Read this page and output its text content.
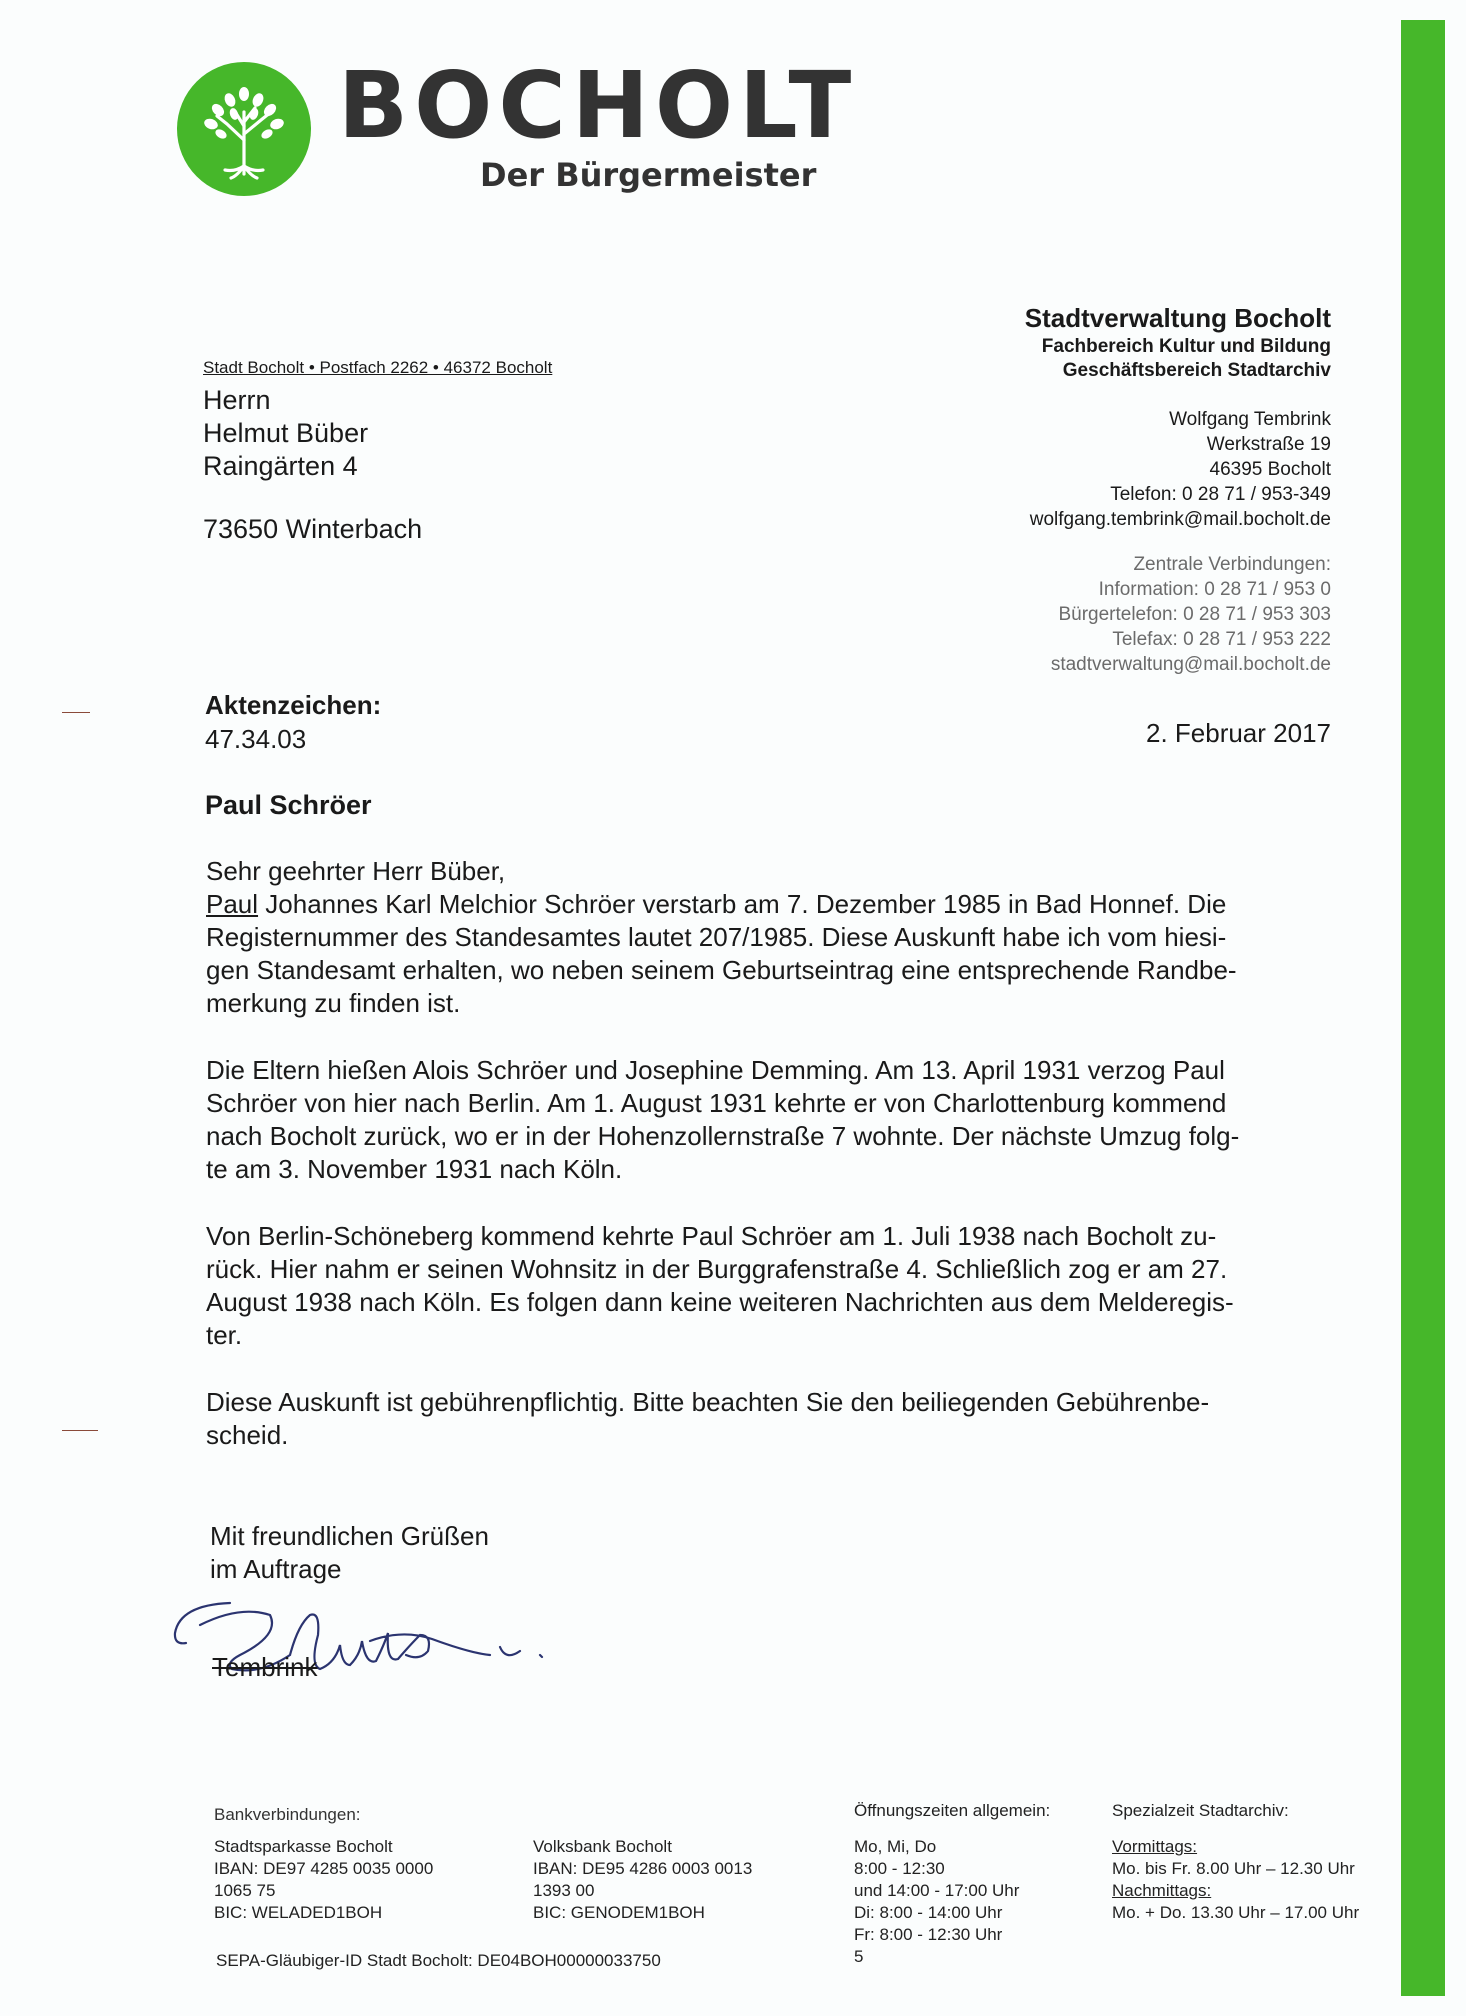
BOCHOLT
Der Bürgermeister
Stadt Bocholt • Postfach 2262 • 46372 Bocholt
Herrn
Helmut Büber
Raingärten 4
73650 Winterbach
Stadtverwaltung Bocholt
Fachbereich Kultur und Bildung
Geschäftsbereich Stadtarchiv
Wolfgang Tembrink
Werkstraße 19
46395 Bocholt
Telefon: 0 28 71 / 953-349
wolfgang.tembrink@mail.bocholt.de
Zentrale Verbindungen:
Information: 0 28 71 / 953 0
Bürgertelefon: 0 28 71 / 953 303
Telefax: 0 28 71 / 953 222
stadtverwaltung@mail.bocholt.de
Aktenzeichen:
47.34.03	2. Februar 2017
Paul Schröer

Sehr geehrter Herr Büber,

Paul Johannes Karl Melchior Schröer verstarb am 7. Dezember 1985 in Bad Honnef. Die
Registernummer des Standesamtes lautet 207/1985. Diese Auskunft habe ich vom hiesi-
gen Standesamt erhalten, wo neben seinem Geburtseintrag eine entsprechende Randbe-
merkung zu finden ist.
Die Eltern hießen Alois Schröer und Josephine Demming. Am 13. April 1931 verzog Paul
Schröer von hier nach Berlin. Am 1. August 1931 kehrte er von Charlottenburg kommend
nach Bocholt zurück, wo er in der Hohenzollernstraße 7 wohnte. Der nächste Umzug folg-
te am 3. November 1931 nach Köln.
Von Berlin-Schöneberg kommend kehrte Paul Schröer am 1. Juli 1938 nach Bocholt zu-
rück. Hier nahm er seinen Wohnsitz in der Burggrafenstraße 4. Schließlich zog er am 27.
August 1938 nach Köln. Es folgen dann keine weiteren Nachrichten aus dem Melderegis-
ter.
Diese Auskunft ist gebührenpflichtig. Bitte beachten Sie den beiliegenden Gebührenbe-
scheid.
Mit freundlichen Grüßen
im Auftrage
Tembrink
Bankverbindungen:
Stadtsparkasse Bocholt
IBAN: DE97 4285 0035 0000
1065 75
BIC: WELADED1BOH
Volksbank Bocholt
IBAN: DE95 4286 0003 0013
1393 00
BIC: GENODEM1BOH
Öffnungszeiten allgemein:
Mo, Mi, Do
8:00 - 12:30
und 14:00 - 17:00 Uhr
Di: 8:00 - 14:00 Uhr
Fr: 8:00 - 12:30 Uhr
5
Spezialzeit Stadtarchiv:
Vormittags:
Mo. bis Fr. 8.00 Uhr – 12.30 Uhr
Nachmittags:
Mo. + Do. 13.30 Uhr – 17.00 Uhr
SEPA-Gläubiger-ID Stadt Bocholt: DE04BOH00000033750
